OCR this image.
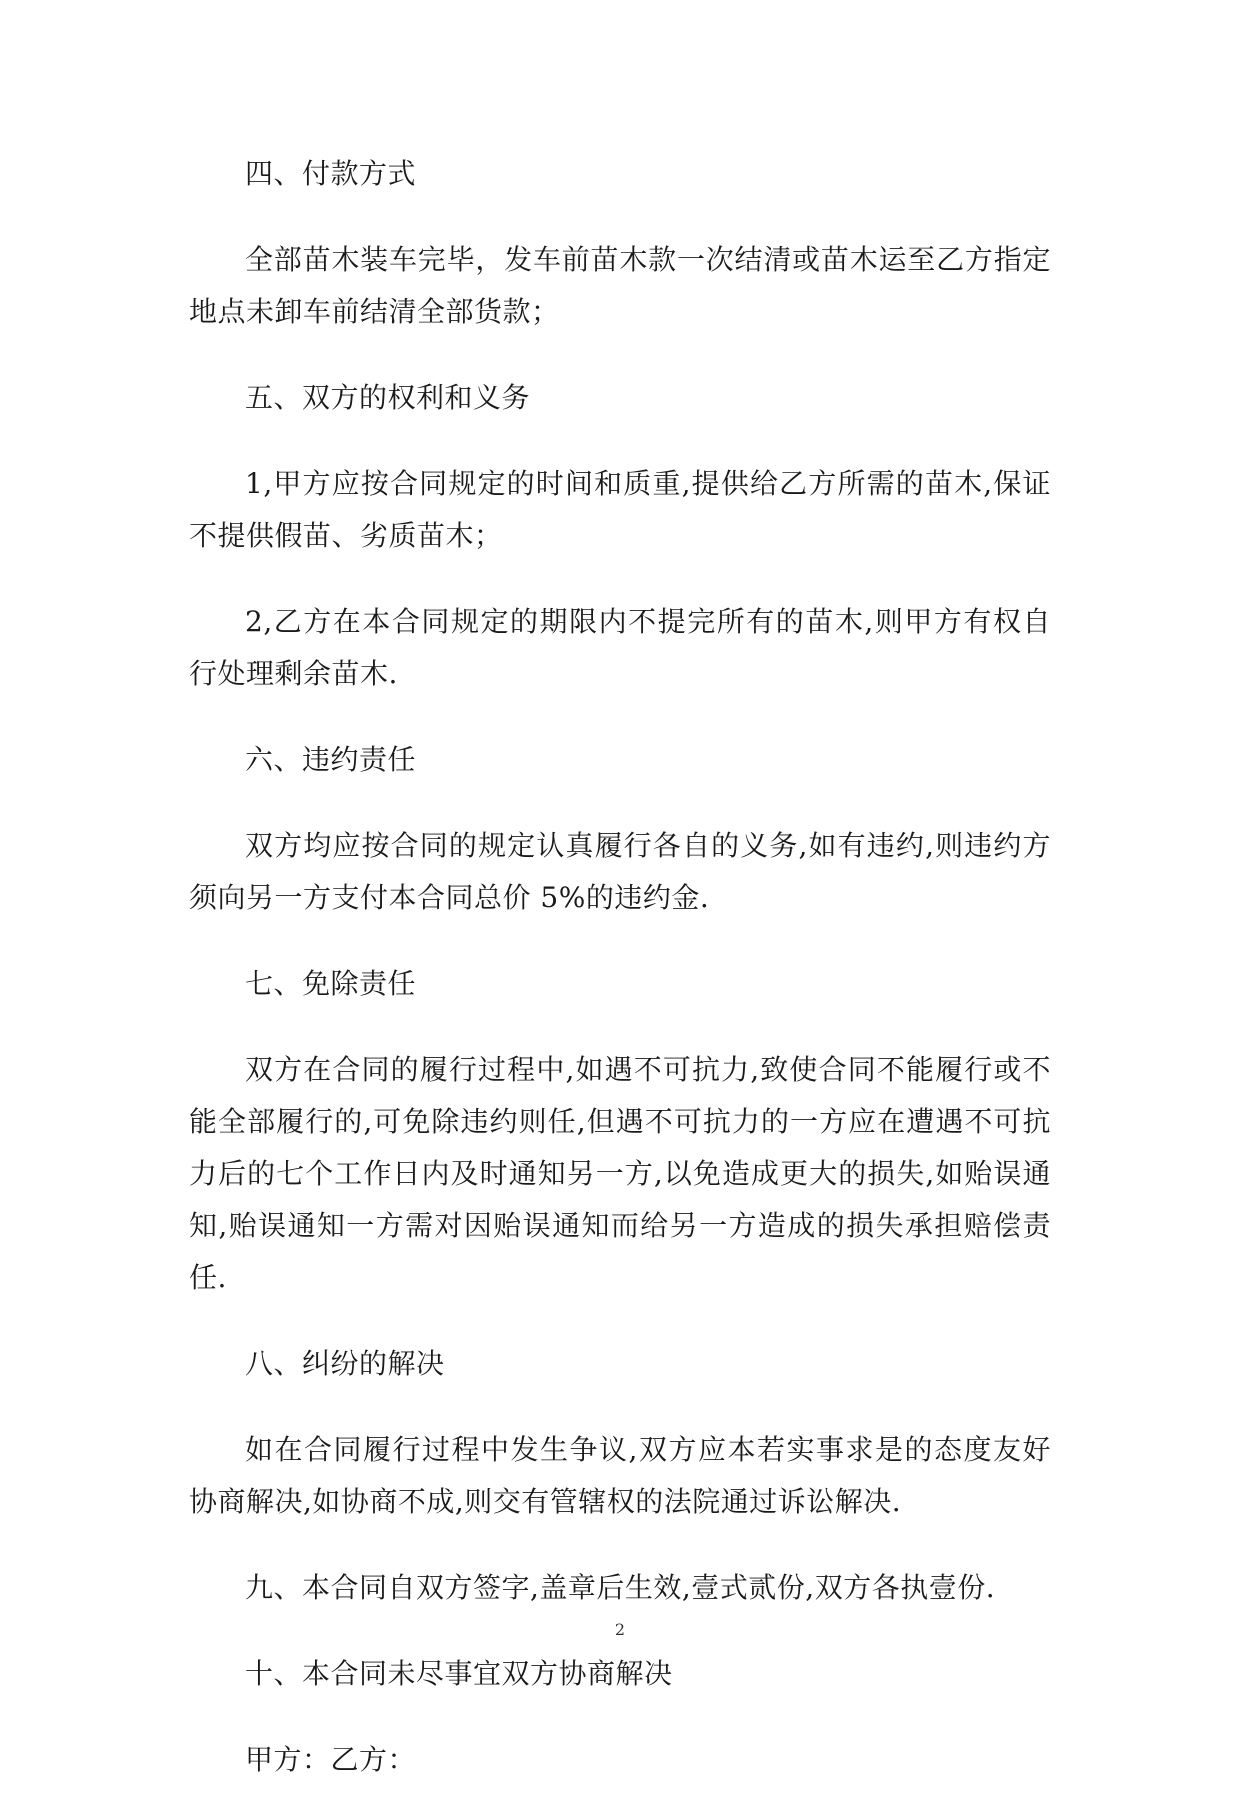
四、付款方式

全部苗木装车完毕，发车前苗木款一次结清或苗木运至乙方指定地点未卸车前结清全部货款；

五、双方的权利和义务

1,甲方应按合同规定的时间和质重,提供给乙方所需的苗木,保证不提供假苗、劣质苗木；

2,乙方在本合同规定的期限内不提完所有的苗木,则甲方有权自行处理剩余苗木.

六、违约责任

双方均应按合同的规定认真履行各自的义务,如有违约,则违约方须向另一方支付本合同总价 5%的违约金.

七、免除责任

双方在合同的履行过程中,如遇不可抗力,致使合同不能履行或不能全部履行的,可免除违约则任,但遇不可抗力的一方应在遭遇不可抗力后的七个工作日内及时通知另一方,以免造成更大的损失,如贻误通知,贻误通知一方需对因贻误通知而给另一方造成的损失承担赔偿责任.

八、纠纷的解决

如在合同履行过程中发生争议,双方应本若实事求是的态度友好协商解决,如协商不成,则交有管辖权的法院通过诉讼解决.

九、本合同自双方签字,盖章后生效,壹式贰份,双方各执壹份.

十、本合同未尽事宜双方协商解决

甲方：乙方：

2
